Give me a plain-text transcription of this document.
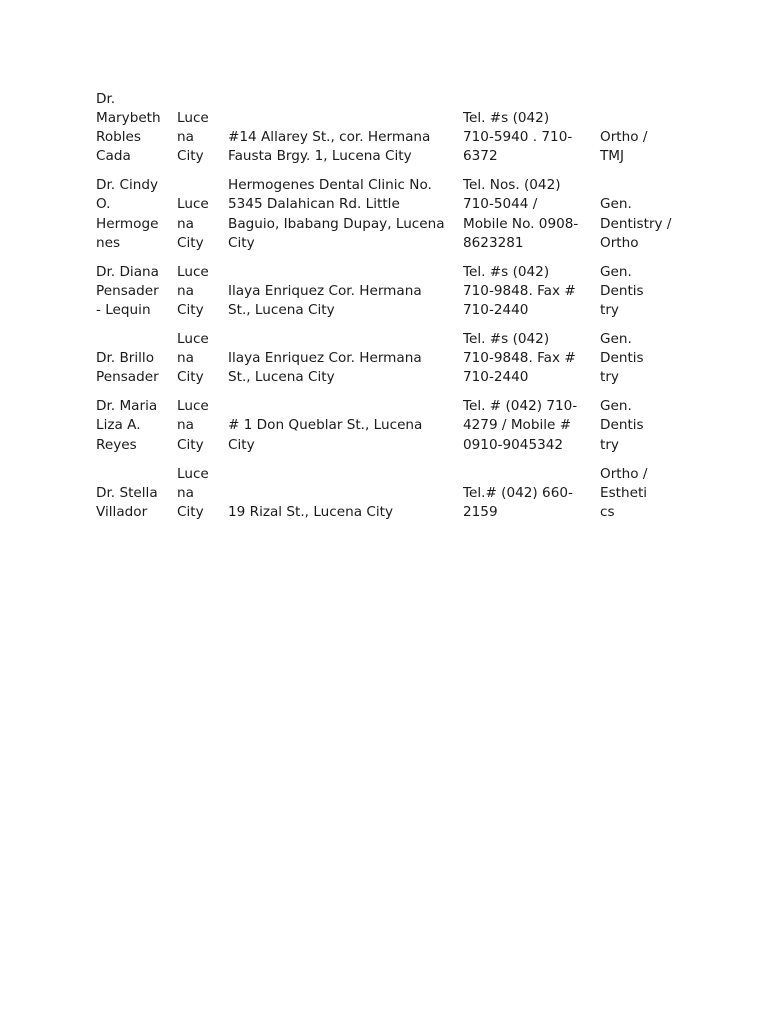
Dr.
Marybeth
Robles
Cada	Luce
na
City	#14 Allarey St., cor. Hermana
Fausta Brgy. 1, Lucena City	Tel. #s (042)
710-5940 . 710-
6372	Ortho /
TMJ

Dr. Cindy
O.
Hermoge
nes	Luce
na
City	Hermogenes Dental Clinic No.
5345 Dalahican Rd. Little
Baguio, Ibabang Dupay, Lucena
City	Tel. Nos. (042)
710-5044 /
Mobile No. 0908-
8623281	Gen.
Dentistry /
Ortho

Dr. Diana
Pensader
- Lequin	Luce
na
City	Ilaya Enriquez Cor. Hermana
St., Lucena City	Tel. #s (042)
710-9848. Fax #
710-2440	Gen.
Dentis
try

Dr. Brillo
Pensader	Luce
na
City	Ilaya Enriquez Cor. Hermana
St., Lucena City	Tel. #s (042)
710-9848. Fax #
710-2440	Gen.
Dentis
try

Dr. Maria
Liza A.
Reyes	Luce
na
City	# 1 Don Queblar St., Lucena
City	Tel. # (042) 710-
4279 / Mobile #
0910-9045342	Gen.
Dentis
try

Dr. Stella
Villador	Luce
na
City	19 Rizal St., Lucena City	Tel.# (042) 660-
2159	Ortho /
Estheti
cs
